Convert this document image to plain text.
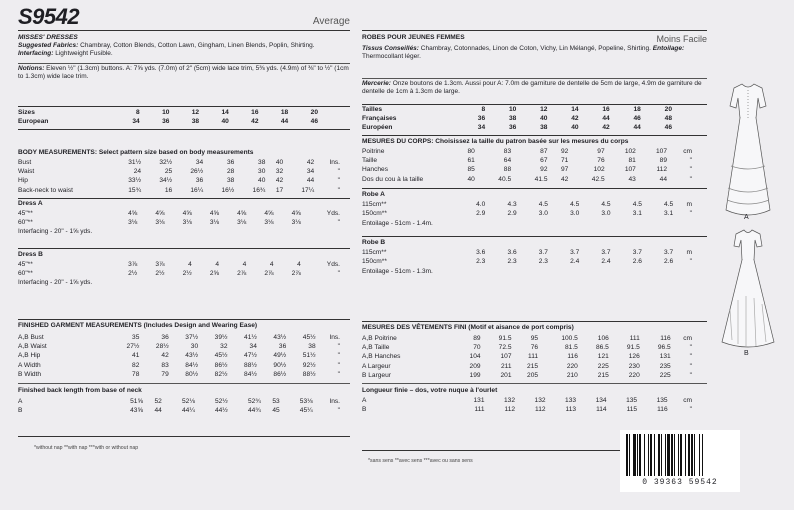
S9542	Average
MISSES' DRESSES
Suggested Fabrics: Chambray, Cotton Blends, Cotton Lawn, Gingham, Linen Blends, Poplin, Shirting. Interfacing: Lightweight Fusible.
Notions: Eleven ½" (1.3cm) buttons. A: 7⅝ yds. (7.0m) of 2" (5cm) wide lace trim, 5⅜ yds. (4.9m) of ⅜" to ½" (1cm to 1.3cm) wide lace trim.
Sizes	8	10	12	14	16	18	20
European	34	36	38	40	42	44	46
BODY MEASUREMENTS: Select pattern size based on body measurements
Bust	31½	32½	34	36	38	40	42	Ins.
Waist	24	25	26½	28	30	32	34	"
Hip	33½	34½	36	38	40	42	44	"
Back-neck to waist	15¾	16	16¼	16½	16¾	17	17¼	"
Dress A
45"**	4⅝	4⅝	4⅝	4⅝	4⅝	4⅝	4⅝	Yds.
60"**	3⅛	3⅛	3⅛	3⅛	3⅛	3⅛	3⅛	"
Interfacing - 20" - 1⅝ yds.
Dress B
45"**	3⅞	3⅞	4	4	4	4	4	Yds.
60"**	2½	2½	2½	2⅝	2⅞	2⅞	2⅞	"
Interfacing - 20" - 1⅝ yds.
FINISHED GARMENT MEASUREMENTS (Includes Design and Wearing Ease)
A,B Bust	35	36	37½	39½	41½	43½	45½	Ins.
A,B Waist	27½	28½	30	32	34	36	38	"
A,B Hip	41	42	43½	45½	47½	49½	51½	"
A Width	82	83	84½	86½	88½	90½	92½	"
B Width	78	79	80½	82½	84½	86½	88½	"
Finished back length from base of neck
A	51⅝	52	52⅛	52½	52¾	53	53⅛	Ins.
B	43⅝	44	44¼	44½	44¾	45	45¼	"
*without nap **with nap ***with or without nap
ROBES POUR JEUNES FEMMES	Moins Facile
Tissus Conseillés: Chambray, Cotonnades, Linon de Coton, Vichy, Lin Mélangé, Popeline, Shirting. Entoilage: Thermocollant léger.
Mercerie: Onze boutons de 1.3cm. Aussi pour A: 7.0m de garniture de dentelle de 5cm de large, 4.9m de garniture de dentelle de 1cm à 1.3cm de large.
Tailles	8	10	12	14	16	18	20
Françaises	36	38	40	42	44	46	48
Européen	34	36	38	40	42	44	46
MESURES DU CORPS: Choisissez la taille du patron basée sur les mesures du corps
Poitrine	80	83	87	92	97	102	107	cm
Taille	61	64	67	71	76	81	89	"
Hanches	85	88	92	97	102	107	112	"
Dos du cou à la taille	40	40.5	41.5	42	42.5	43	44	"
Robe A
115cm**	4.0	4.3	4.5	4.5	4.5	4.5	4.5	m
150cm**	2.9	2.9	3.0	3.0	3.0	3.1	3.1	"
Entoilage - 51cm - 1.4m.
Robe B
115cm**	3.6	3.6	3.7	3.7	3.7	3.7	3.7	m
150cm**	2.3	2.3	2.3	2.4	2.4	2.6	2.6	"
Entoilage - 51cm - 1.3m.
MESURES DES VÊTEMENTS FINI (Motif et aisance de port compris)
A,B Poitrine	89	91.5	95	100.5	106	111	116	cm
A,B Taille	70	72.5	76	81.5	86.5	91.5	96.5	"
A,B Hanches	104	107	111	116	121	126	131	"
A Largeur	209	211	215	220	225	230	235	"
B Largeur	199	201	205	210	215	220	225	"
Longueur finie – dos, votre nuque à l'ourlet
A	131	132	132	133	134	135	135	cm
B	111	112	112	113	114	115	116	"
*sans sens **avec sens ***avec ou sans sens
A
B
0 39363 59542
